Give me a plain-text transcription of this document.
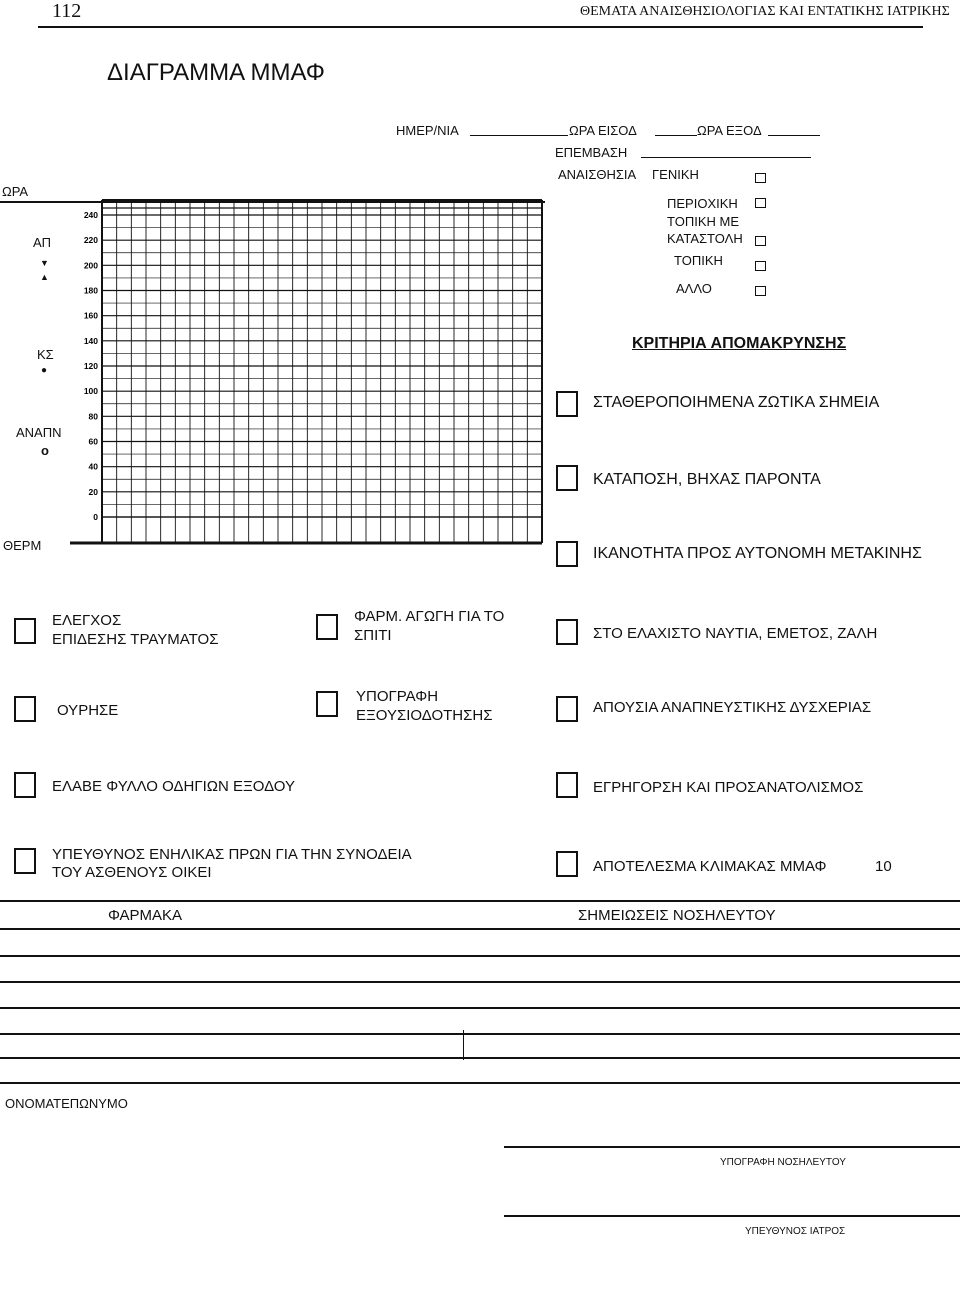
112	ΘΕΜΑΤΑ ΑΝΑΙΣΘΗΣΙΟΛΟΓΙΑΣ ΚΑΙ ΕΝΤΑΤΙΚΗΣ ΙΑΤΡΙΚΗΣ
ΔΙΑΓΡΑΜΜΑ ΜΜΑΦ
ΗΜΕΡ/ΝΙΑ	ΩΡΑ ΕΙΣΟΔ	ΩΡΑ ΕΞΟΔ
ΕΠΕΜΒΑΣΗ
ΑΝΑΙΣΘΗΣΙΑ ΓΕΝΙΚΗ
ΠΕΡΙΟΧΙΚΗ
ΤΟΠΙΚΗ ΜΕ
ΚΑΤΑΣΤΟΛΗ
ΤΟΠΙΚΗ
ΑΛΛΟ
ΩΡΑ
ΑΠ
▼
▲
ΚΣ
●
ΑΝΑΠΝ
ο
ΘΕΡΜ
240
220
200
180
160
140
120
100
80
60
40
20
0
ΚΡΙΤΗΡΙΑ ΑΠΟΜΑΚΡΥΝΣΗΣ
ΣΤΑΘΕΡΟΠΟΙΗΜΕΝΑ ΖΩΤΙΚΑ ΣΗΜΕΙΑ
ΚΑΤΑΠΟΣΗ, ΒΗΧΑΣ ΠΑΡΟΝΤΑ
ΙΚΑΝΟΤΗΤΑ ΠΡΟΣ ΑΥΤΟΝΟΜΗ ΜΕΤΑΚΙΝΗΣ
ΕΛΕΓΧΟΣ
ΕΠΙΔΕΣΗΣ ΤΡΑΥΜΑΤΟΣ
ΦΑΡΜ. ΑΓΩΓΗ ΓΙΑ ΤΟ
ΣΠΙΤΙ	ΣΤΟ ΕΛΑΧΙΣΤΟ ΝΑΥΤΙΑ, ΕΜΕΤΟΣ, ΖΑΛΗ
ΟΥΡΗΣΕ
ΥΠΟΓΡΑΦΗ
ΕΞΟΥΣΙΟΔΟΤΗΣΗΣ	ΑΠΟΥΣΙΑ ΑΝΑΠΝΕΥΣΤΙΚΗΣ ΔΥΣΧΕΡΙΑΣ
ΕΛΑΒΕ ΦΥΛΛΟ ΟΔΗΓΙΩΝ ΕΞΟΔΟΥ	ΕΓΡΗΓΟΡΣΗ ΚΑΙ ΠΡΟΣΑΝΑΤΟΛΙΣΜΟΣ
ΥΠΕΥΘΥΝΟΣ ΕΝΗΛΙΚΑΣ ΠΡΩΝ ΓΙΑ ΤΗΝ ΣΥΝΟΔΕΙΑ
ΤΟΥ ΑΣΘΕΝΟΥΣ ΟΙΚΕΙ	ΑΠΟΤΕΛΕΣΜΑ ΚΛΙΜΑΚΑΣ ΜΜΑΦ	10
ΦΑΡΜΑΚΑ	ΣΗΜΕΙΩΣΕΙΣ ΝΟΣΗΛΕΥΤΟΥ
ΟΝΟΜΑΤΕΠΩΝΥΜΟ
ΥΠΟΓΡΑΦΗ ΝΟΣΗΛΕΥΤΟΥ
ΥΠΕΥΘΥΝΟΣ ΙΑΤΡΟΣ
